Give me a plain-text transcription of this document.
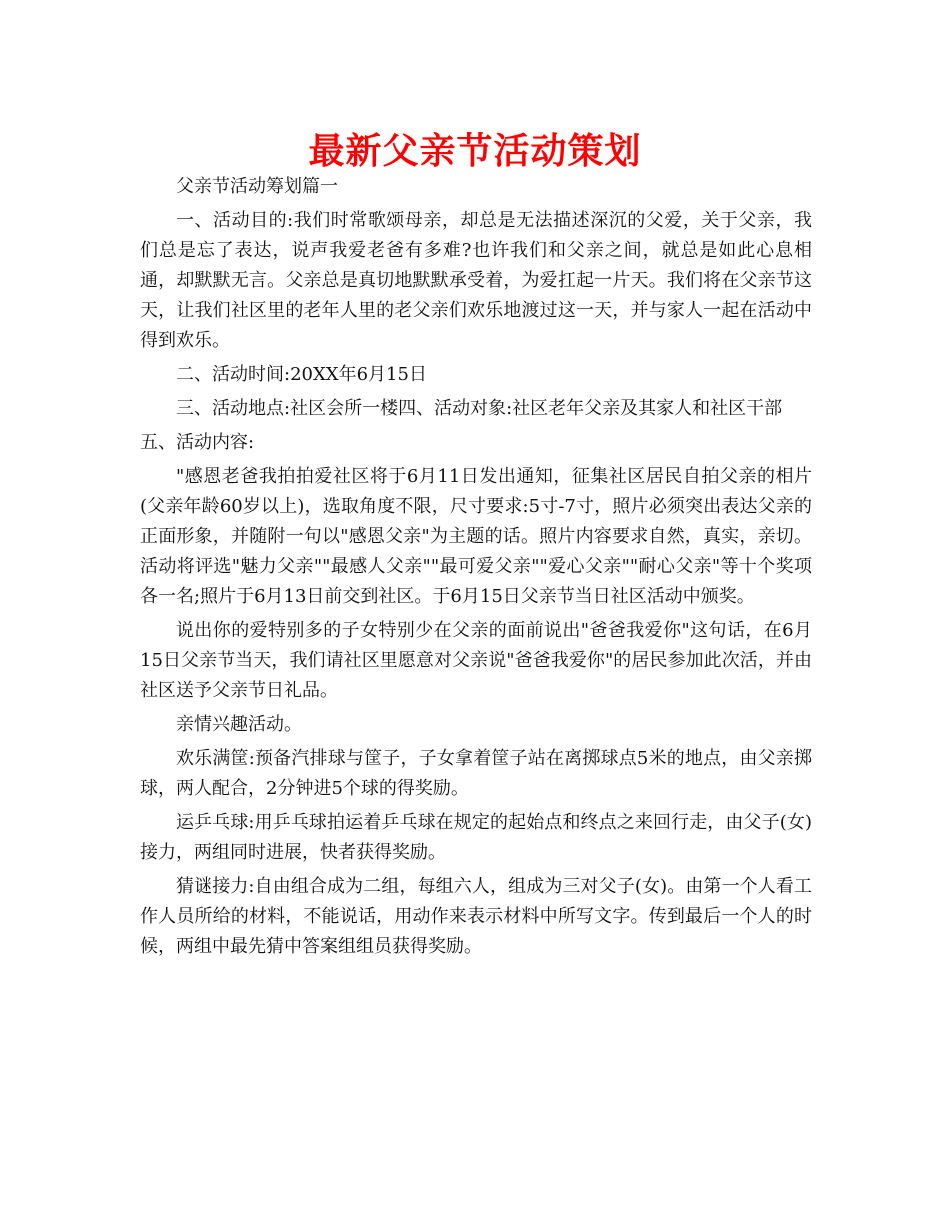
最新父亲节活动策划

父亲节活动筹划篇一

一、活动目的:我们时常歌颂母亲，却总是无法描述深沉的父爱，关于父亲，我们总是忘了表达，说声我爱老爸有多难?也许我们和父亲之间，就总是如此心息相通，却默默无言。父亲总是真切地默默承受着，为爱扛起一片天。我们将在父亲节这天，让我们社区里的老年人里的老父亲们欢乐地渡过这一天，并与家人一起在活动中得到欢乐。

二、活动时间:20XX年6月15日

三、活动地点:社区会所一楼四、活动对象:社区老年父亲及其家人和社区干部

五、活动内容:

"感恩老爸我拍拍爱社区将于6月11日发出通知，征集社区居民自拍父亲的相片(父亲年龄60岁以上)，选取角度不限，尺寸要求:5寸-7寸，照片必须突出表达父亲的正面形象，并随附一句以"感恩父亲"为主题的话。照片内容要求自然，真实，亲切。活动将评选"魅力父亲""最感人父亲""最可爱父亲""爱心父亲""耐心父亲"等十个奖项各一名;照片于6月13日前交到社区。于6月15日父亲节当日社区活动中颁奖。

说出你的爱特别多的子女特别少在父亲的面前说出"爸爸我爱你"这句话，在6月15日父亲节当天，我们请社区里愿意对父亲说"爸爸我爱你"的居民参加此次活，并由社区送予父亲节日礼品。

亲情兴趣活动。

欢乐满筐:预备汽排球与筐子，子女拿着筐子站在离掷球点5米的地点，由父亲掷球，两人配合，2分钟进5个球的得奖励。

运乒乓球:用乒乓球拍运着乒乓球在规定的起始点和终点之来回行走，由父子(女)接力，两组同时进展，快者获得奖励。

猜谜接力:自由组合成为二组，每组六人，组成为三对父子(女)。由第一个人看工作人员所给的材料，不能说话，用动作来表示材料中所写文字。传到最后一个人的时候，两组中最先猜中答案组组员获得奖励。
